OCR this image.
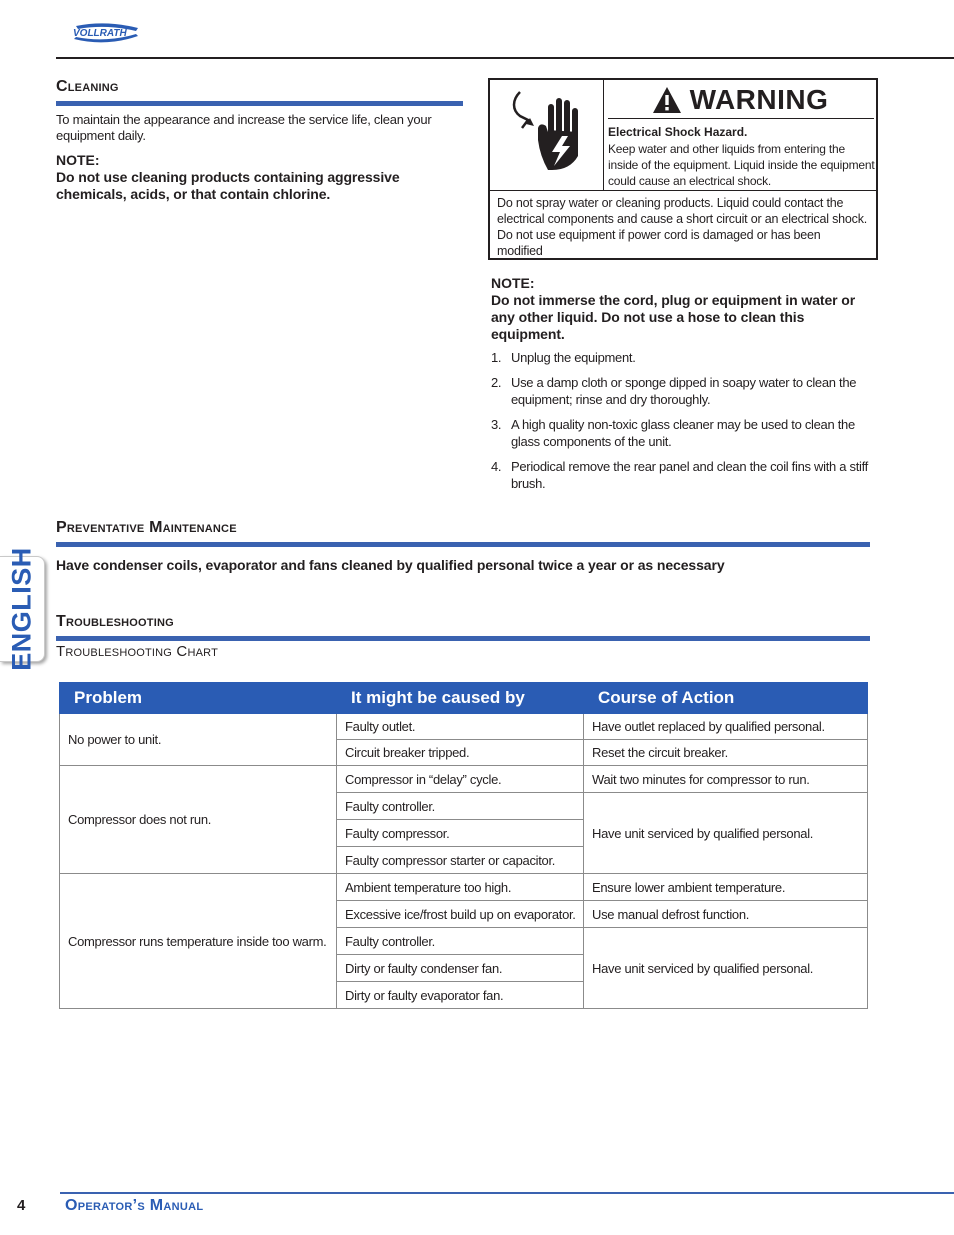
VOLLRATH
Cleaning
To maintain the appearance and increase the service life, clean your equipment daily.
NOTE:
Do not use cleaning products containing aggressive chemicals, acids, or that contain chlorine.
WARNING
Electrical Shock Hazard.
Keep water and other liquids from entering the inside of the equipment. Liquid inside the equipment could cause an electrical shock.
Do not spray water or cleaning products. Liquid could contact the electrical components and cause a short circuit or an electrical shock. Do not use equipment if power cord is damaged or has been modified
NOTE:
Do not immerse the cord, plug or equipment in water or any other liquid. Do not use a hose to clean this equipment.
1. Unplug the equipment.
2. Use a damp cloth or sponge dipped in soapy water to clean the equipment; rinse and dry thoroughly.
3. A high quality non-toxic glass cleaner may be used to clean the glass components of the unit.
4. Periodical remove the rear panel and clean the coil fins with a stiff brush.
Preventative Maintenance
Have condenser coils, evaporator and fans cleaned by qualified personal twice a year or as necessary
ENGLISH Troubleshooting
Troubleshooting Chart
Problem	It might be caused by	Course of Action
No power to unit.	Faulty outlet.	Have outlet replaced by qualified personal.
	Circuit breaker tripped.	Reset the circuit breaker.
Compressor does not run.	Compressor in “delay” cycle.	Wait two minutes for compressor to run.
	Faulty controller.	Have unit serviced by qualified personal.
	Faulty compressor.	
	Faulty compressor starter or capacitor.	
Compressor runs temperature inside too warm.	Ambient temperature too high.	Ensure lower ambient temperature.
	Excessive ice/frost build up on evaporator.	Use manual defrost function.
	Faulty controller.	Have unit serviced by qualified personal.
	Dirty or faulty condenser fan.	
	Dirty or faulty evaporator fan.	
4 Operator’s Manual
